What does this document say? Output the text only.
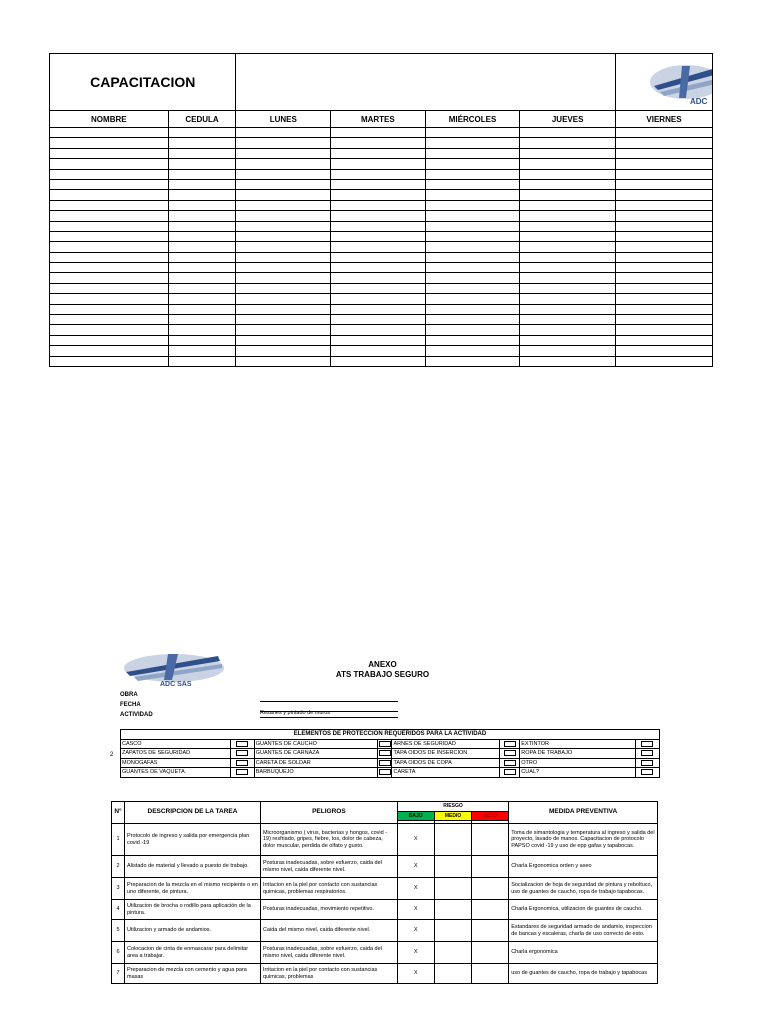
CAPACITACION						ADC

NOMBRE	CEDULA	LUNES	MARTES	MIÉRCOLES	JUEVES	VIERNES

ADC SAS
ANEXO
ATS TRABAJO SEGURO
OBRA
FECHA
ACTIVIDAD	Resanes y pintado de muros
2
ELEMENTOS DE PROTECCION REQUERIDOS PARA LA ACTIVIDAD							
CASCO		GUANTES DE CAUCHO		ARNES DE SEGURIDAD		EXTINTOR	

ZAPATOS DE SEGURIDAD		GUANTES DE CARNAZA		TAPA OIDOS DE INSERCION		ROPA DE TRABAJO	

MONOGAFAS		CARETA DE SOLDAR		TAPA OIDOS DE COPA		OTRO	

GUANTES DE VAQUETA		BARBUQUEJO		CARETA		CUAL?	
N°	DESCRIPCION DE LA TAREA	PELIGROS	RIESGO			MEDIDA PREVENTIVA
			BAJO	MEDIO	ALTO	

1	Protocolo de ingreso y salida por emergencia plan covid -19	Microorganismo ( virus, bacterias y hongos, covid - 19) resfriado, gripes, fiebre, tos, dolor de cabeza, dolor muscular, perdida de olfato y gusto.	X			Toma de simantologia y temperatura al ingreso y salida del proyecto, lavado de manos. Capacitacion de protocolo PAPSO covid -19 y uso de epp gafas y tapabocas.
2	Alistado de material y llevado a puesto de trabajo.	Posturas inadecuadas, sobre esfuerzo, caida del mismo nivel, caida diferente nivel.	X			Charla Ergonomica orden y aseo
3	Preparacion de la mezcla en el mismo recipiente o en uno diferente, de pintura.	Irritacion en la piel por contacto con sustancias quimicas, problemas respiratorios.	X			Socializacion de hoja de seguridad de pintura y reboltuco, uso de guantes de caucho, ropa de trabajo tapabocas.
4	Utilizacion de brocha o rodillo para aplicación de la pintura.	Posturas inadecuadas, movimiento repetitivo.	X			Charla Ergonomica, utilizacion de guantes de caucho.
5	Utilizacion y armado de andamios.	Caida del mismo nivel, caida diferente nivel.	X			Estandares de seguridad armado de andamio, inspeccion de bancas y escaleras, charla de uso correcto de esto.
6	Colocacion de cinta de enmascarar para delimitar area a trabajar.	Posturas inadecuadas, sobre esfuerzo, caida del mismo nivel, caida diferente nivel.	X			Charla ergonomica
7	Preparacion de mezcla con cemento y agua para masas	Irritacion en la piel por contacto con sustancias quimicas, problemas	X			uso de guantes de caucho, ropa de trabajo y tapabocas
